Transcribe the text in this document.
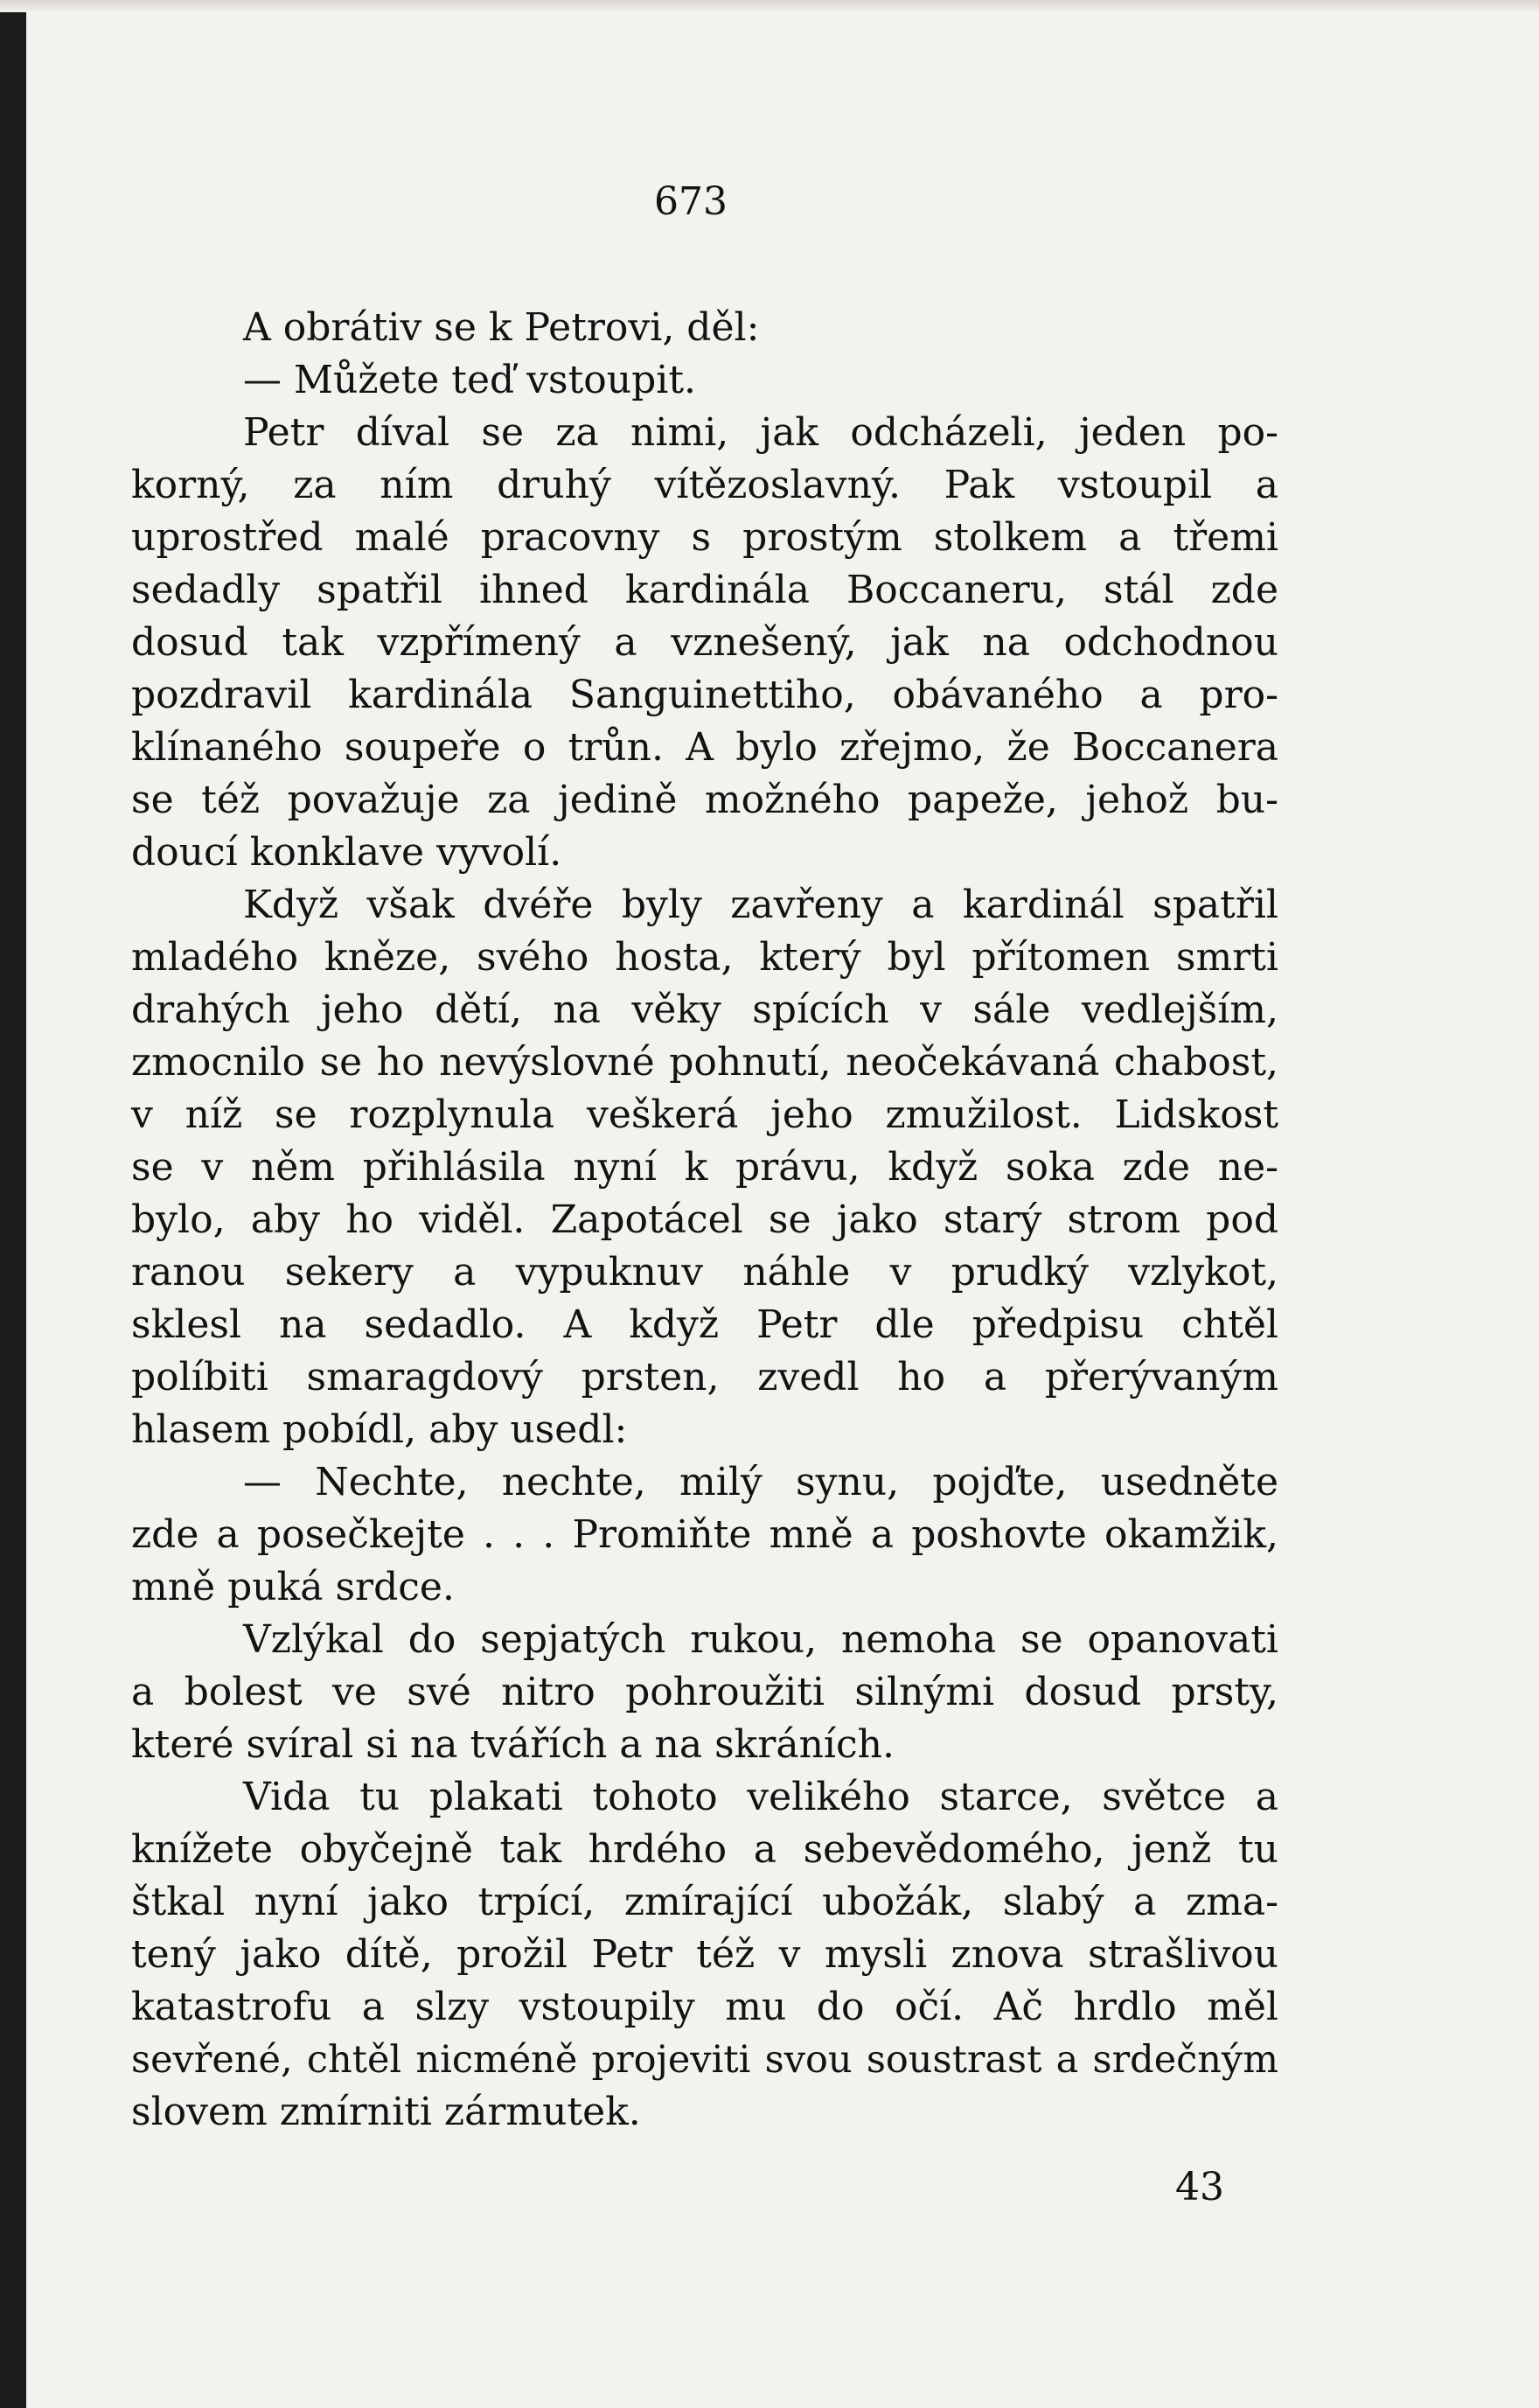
673
A obrátiv se k Petrovi, děl:
— Můžete teď vstoupit.
Petr díval se za nimi, jak odcházeli, jeden po-
korný, za ním druhý vítězoslavný. Pak vstoupil a
uprostřed malé pracovny s prostým stolkem a třemi
sedadly spatřil ihned kardinála Boccaneru, stál zde
dosud tak vzpřímený a vznešený, jak na odchodnou
pozdravil kardinála Sanguinettiho, obávaného a pro-
klínaného soupeře o trůn. A bylo zřejmo, že Boccanera
se též považuje za jedině možného papeže, jehož bu-
doucí konklave vyvolí.
Když však dvéře byly zavřeny a kardinál spatřil
mladého kněze, svého hosta, který byl přítomen smrti
drahých jeho dětí, na věky spících v sále vedlejším,
zmocnilo se ho nevýslovné pohnutí, neočekávaná chabost,
v níž se rozplynula veškerá jeho zmužilost. Lidskost
se v něm přihlásila nyní k právu, když soka zde ne-
bylo, aby ho viděl. Zapotácel se jako starý strom pod
ranou sekery a vypuknuv náhle v prudký vzlykot,
sklesl na sedadlo. A když Petr dle předpisu chtěl
políbiti smaragdový prsten, zvedl ho a přerývaným
hlasem pobídl, aby usedl:
— Nechte, nechte, milý synu, pojďte, usedněte
zde a posečkejte . . . Promiňte mně a poshovte okamžik,
mně puká srdce.
Vzlýkal do sepjatých rukou, nemoha se opanovati
a bolest ve své nitro pohroužiti silnými dosud prsty,
které svíral si na tvářích a na skráních.
Vida tu plakati tohoto velikého starce, světce a
knížete obyčejně tak hrdého a sebevědomého, jenž tu
štkal nyní jako trpící, zmírající ubožák, slabý a zma-
tený jako dítě, prožil Petr též v mysli znova strašlivou
katastrofu a slzy vstoupily mu do očí. Ač hrdlo měl
sevřené, chtěl nicméně projeviti svou soustrast a srdečným
slovem zmírniti zármutek.
43
